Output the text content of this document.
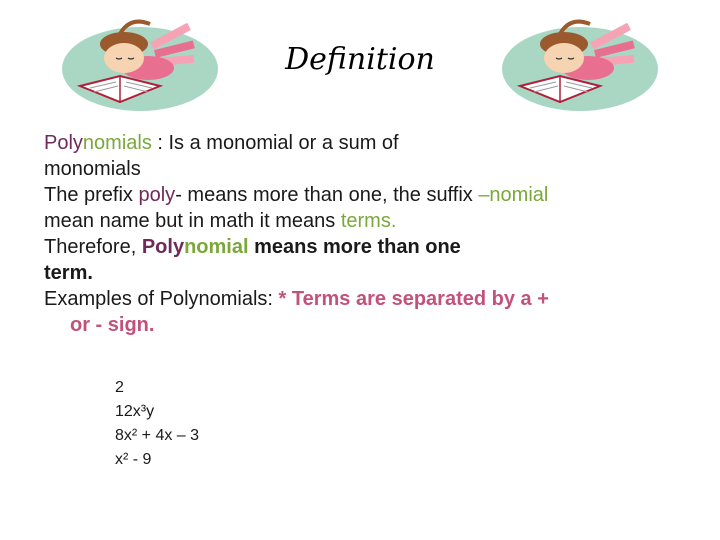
Definition
Polynomials : Is a monomial or a sum of
monomials
The prefix poly- means more than one, the suffix –nomial
mean name but in math it means terms.
Therefore, Polynomial means more than one
term.
Examples of Polynomials: * Terms are separated by a +
or - sign.
2
12x³y
8x² + 4x – 3
x² - 9
